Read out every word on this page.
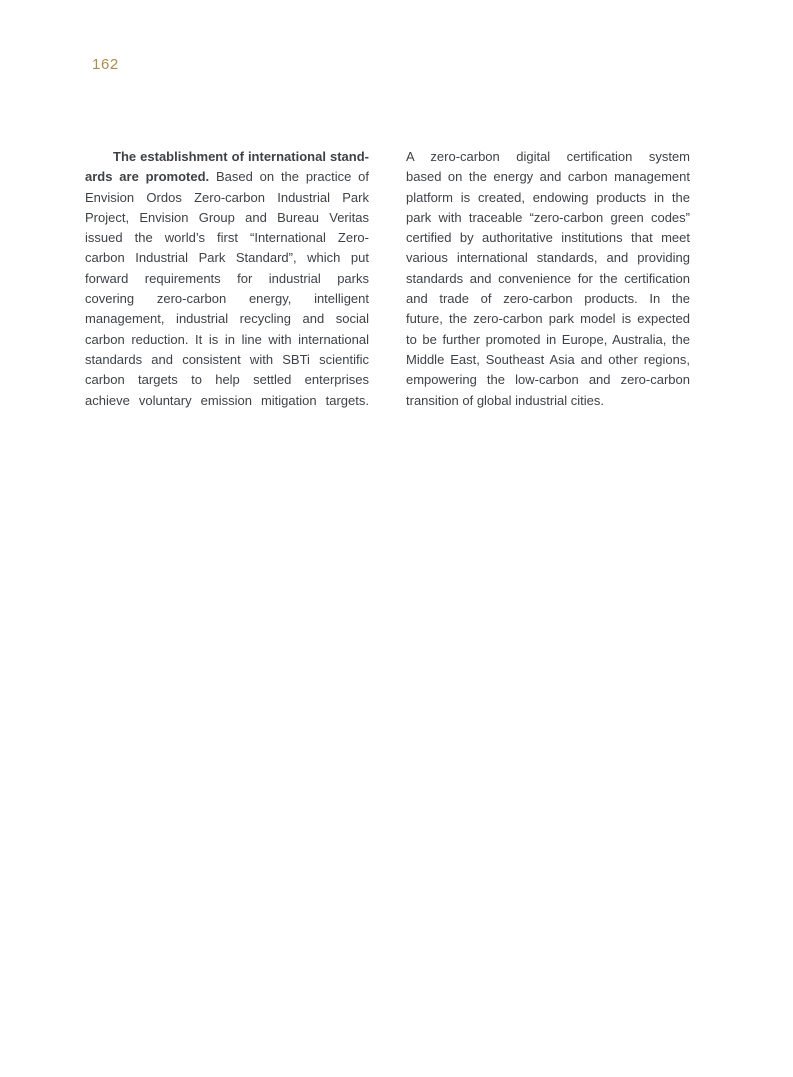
162
The establishment of international stand-
ards are promoted. Based on the practice of
Envision Ordos Zero-carbon Industrial Park
Project, Envision Group and Bureau Veritas
issued the world’s first “International Zero-
carbon Industrial Park Standard”, which put
forward requirements for industrial parks
covering zero-carbon energy, intelligent
management, industrial recycling and social
carbon reduction. It is in line with international
standards and consistent with SBTi scientific
carbon targets to help settled enterprises
achieve voluntary emission mitigation targets.
A zero-carbon digital certification system
based on the energy and carbon management
platform is created, endowing products in the
park with traceable “zero-carbon green codes”
certified by authoritative institutions that meet
various international standards, and providing
standards and convenience for the certification
and trade of zero-carbon products. In the
future, the zero-carbon park model is expected
to be further promoted in Europe, Australia, the
Middle East, Southeast Asia and other regions,
empowering the low-carbon and zero-carbon
transition of global industrial cities.
